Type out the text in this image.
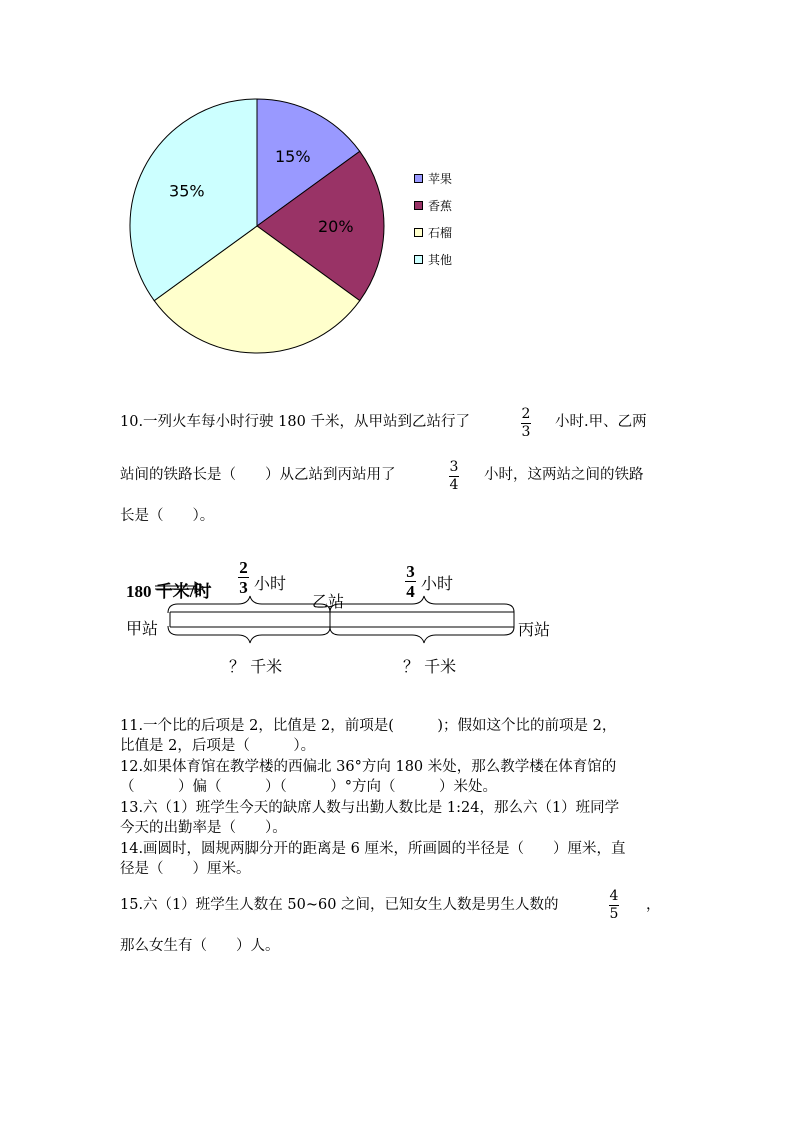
15%
20%
35%
苹果
香蕉
石榴
其他
10.一列火车每小时行驶 180 千米，从甲站到乙站行了	2
3
小时.甲、乙两
站间的铁路长是（　　）从乙站到丙站用了	3
4
小时，这两站之间的铁路
长是（　　）。
180 千米/时
2
3 小时
3
4 小时
乙站
甲站	丙站
？ 千米	？ 千米
11.一个比的后项是 2，比值是 2，前项是(　　　)；假如这个比的前项是 2，
比值是 2，后项是（　　　）。
12.如果体育馆在教学楼的西偏北 36°方向 180 米处，那么教学楼在体育馆的
（　　　）偏（　　　）（　　　）°方向（　　　）米处。
13.六（1）班学生今天的缺席人数与出勤人数比是 1:24，那么六（1）班同学
今天的出勤率是（　　）。
14.画圆时，圆规两脚分开的距离是 6 厘米，所画圆的半径是（　　）厘米，直
径是（　　）厘米。
15.六（1）班学生人数在 50~60 之间，已知女生人数是男生人数的
4
5
，
那么女生有（　　）人。
